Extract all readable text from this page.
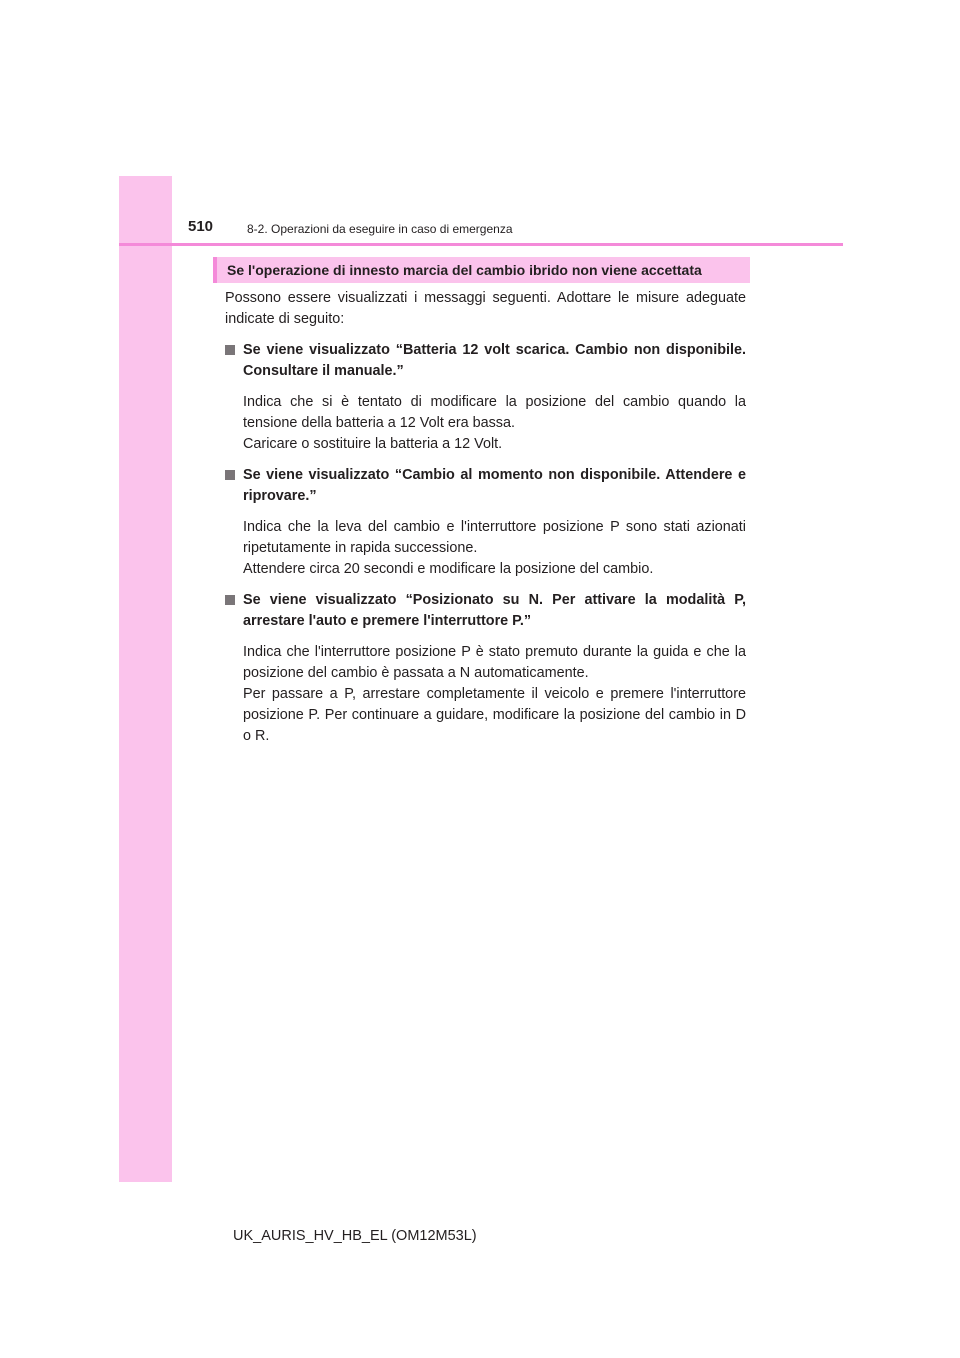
510	8-2. Operazioni da eseguire in caso di emergenza
Se l'operazione di innesto marcia del cambio ibrido non viene accettata

Possono essere visualizzati i messaggi seguenti. Adottare le misure adeguate indicate di seguito:

Se viene visualizzato “Batteria 12 volt scarica. Cambio non disponibile. Consultare il manuale.”

Indica che si è tentato di modificare la posizione del cambio quando la tensione della batteria a 12 Volt era bassa.

Caricare o sostituire la batteria a 12 Volt.

Se viene visualizzato “Cambio al momento non disponibile. Attendere e riprovare.”

Indica che la leva del cambio e l'interruttore posizione P sono stati azionati ripetutamente in rapida successione.

Attendere circa 20 secondi e modificare la posizione del cambio.

Se viene visualizzato “Posizionato su N. Per attivare la modalità P, arrestare l'auto e premere l'interruttore P.”

Indica che l'interruttore posizione P è stato premuto durante la guida e che la posizione del cambio è passata a N automaticamente.

Per passare a P, arrestare completamente il veicolo e premere l'interruttore posizione P. Per continuare a guidare, modificare la posizione del cambio in D o R.

UK_AURIS_HV_HB_EL (OM12M53L)
